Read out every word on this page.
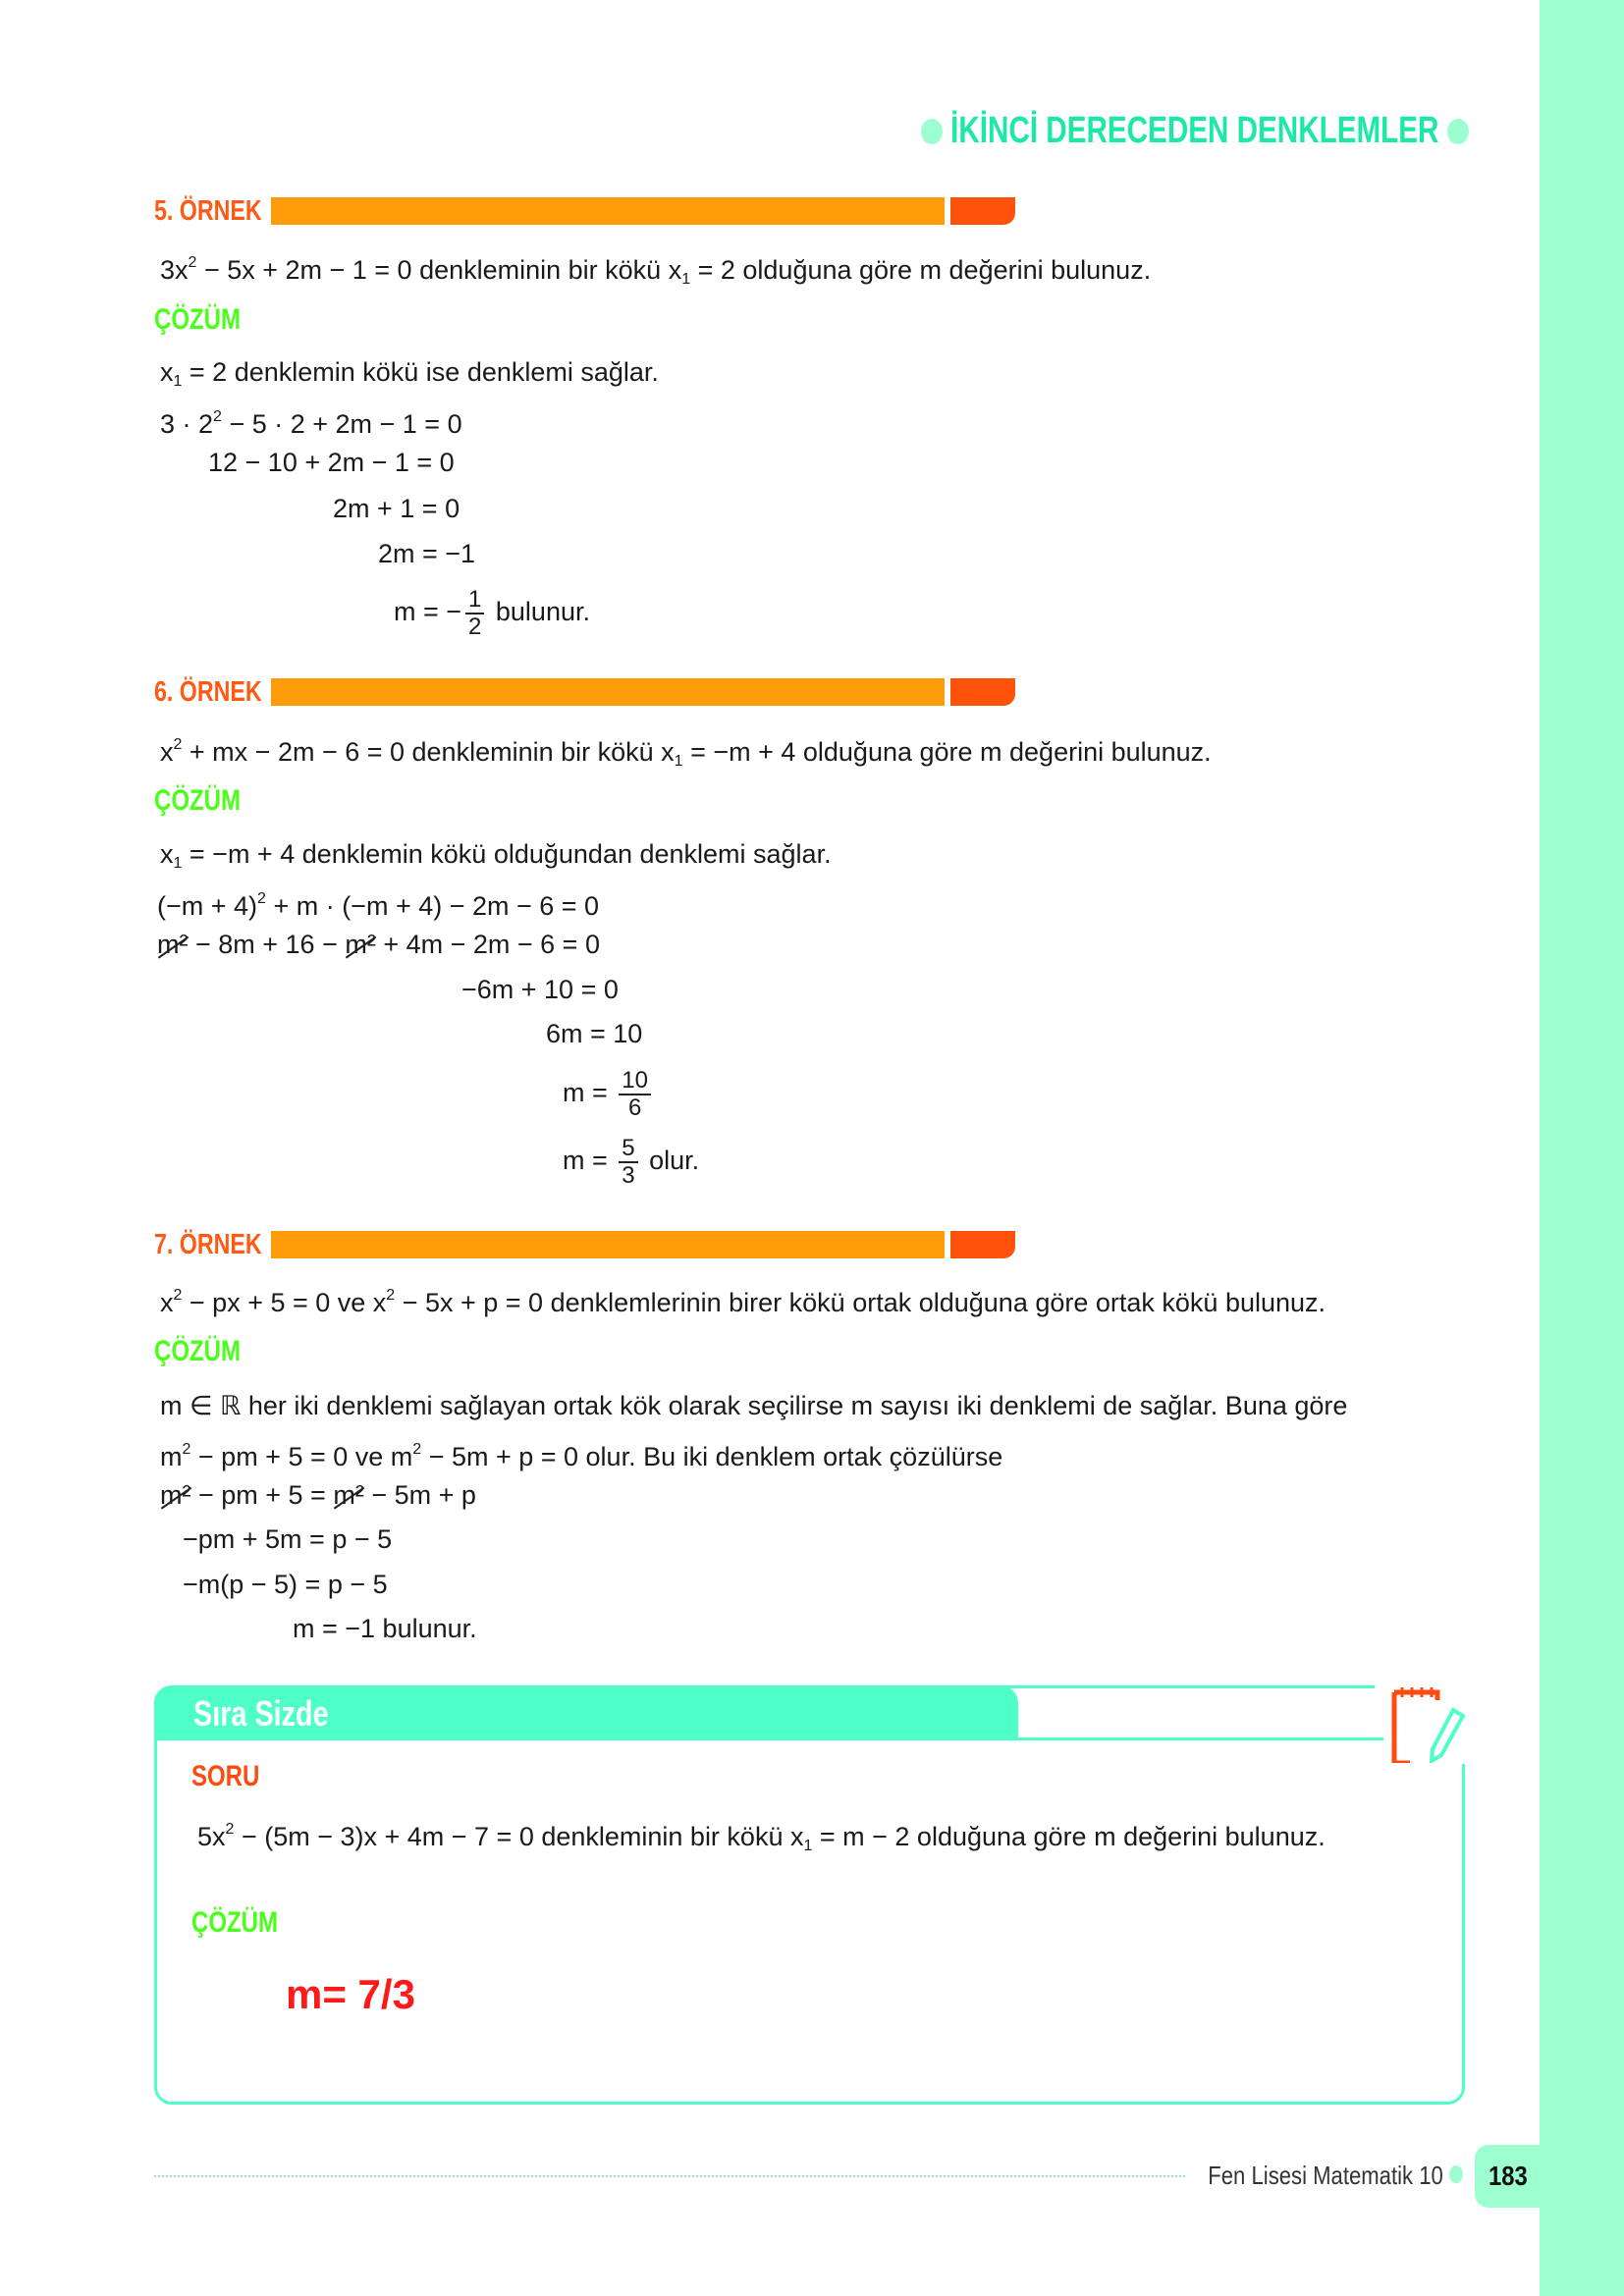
İKİNCİ DERECEDEN DENKLEMLER
5. ÖRNEK
$3x^2 - 5x + 2m - 1 = 0$ denkleminin bir kökü $x_1 = 2$ olduğuna göre m değerini bulunuz.
ÇÖZÜM
$x_1 = 2$ denklemin kökü ise denklemi sağlar.
$3 \cdot 2^2 - 5 \cdot 2 + 2m - 1 = 0$
12 − 10 + 2m − 1 = 0
2m + 1 = 0
2m = −1
m = − $\frac{1}{2}$ bulunur.
6. ÖRNEK
$x^2$ + mx − 2m − 6 = 0 denkleminin bir kökü $x_1 = -m + 4$ olduğuna göre m değerini bulunuz.
ÇÖZÜM
$x_1 = -m + 4$ denklemin kökü olduğundan denklemi sağlar.
$(-m + 4)^2 + m \cdot (-m + 4) - 2m - 6 = 0$
m² − 8m + 16 − m² + 4m − 2m − 6 = 0
−6m + 10 = 0
6m = 10
$m = \frac{10}{6}$
$m = \frac{5}{3}$ olur.
7. ÖRNEK
$x^2$ − px + 5 = 0 ve $x^2 - 5x + p = 0$ denklemlerinin birer kökü ortak olduğuna göre ortak kökü bulunuz.
ÇÖZÜM
m ∈ ℝ her iki denklemi sağlayan ortak kök olarak seçilirse m sayısı iki denklemi de sağlar. Buna göre
$m^2$ − pm + 5 = 0 ve $m^2 - 5m + p = 0$ olur. Bu iki denklem ortak çözülürse
m² − pm + 5 = m² − 5m + p
−pm + 5m = p − 5
−m(p − 5) = p − 5
m = −1 bulunur.
Sıra Sizde
SORU
$5x^2 - (5m - 3)x + 4m - 7 = 0$ denkleminin bir kökü $x_1 = m - 2$ olduğuna göre m değerini bulunuz.
ÇÖZÜM
m= 7/3
Fen Lisesi Matematik 10 183
